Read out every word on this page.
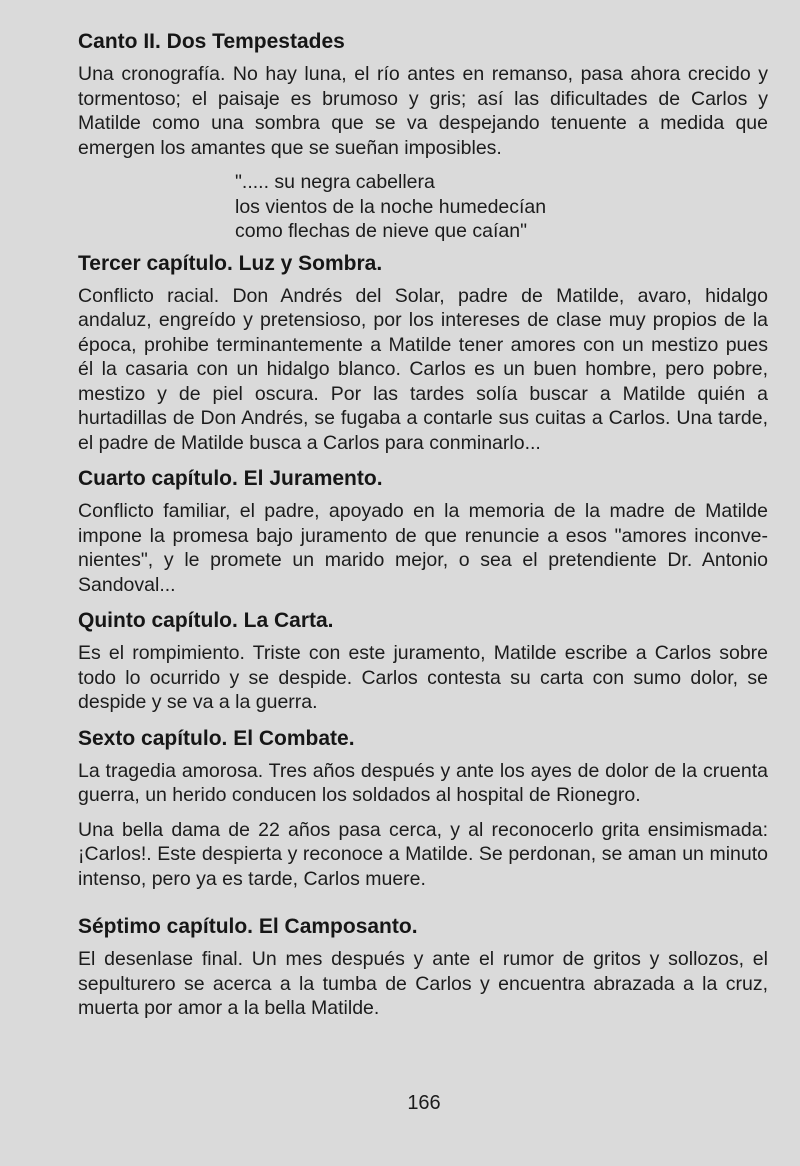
Canto II. Dos Tempestades

Una cronografía. No hay luna, el río antes en remanso, pasa ahora crecido y tormentoso; el paisaje es brumoso y gris; así las dificultades de Carlos y Matilde como una sombra que se va despejando tenuente a medida que emergen los amantes que se sueñan imposibles.

"..... su negra cabellera
los vientos de la noche humedecían
como flechas de nieve que caían"
Tercer capítulo. Luz y Sombra.

Conflicto racial. Don Andrés del Solar, padre de Matilde, avaro, hidalgo andaluz, engreído y pretensioso, por los intereses de clase muy propios de la época, prohibe terminantemente a Matilde tener amores con un mestizo pues él la casaria con un hidalgo blanco. Carlos es un buen hombre, pero pobre, mestizo y de piel oscura. Por las tardes solía buscar a Matilde quién a hurtadillas de Don Andrés, se fugaba a contarle sus cuitas a Carlos. Una tarde, el padre de Matilde busca a Carlos para conminarlo...

Cuarto capítulo. El Juramento.

Conflicto familiar, el padre, apoyado en la memoria de la madre de Matilde impone la promesa bajo juramento de que renuncie a esos "amores inconvenientes", y le promete un marido mejor, o sea el pretendiente Dr. Antonio Sandoval...

Quinto capítulo. La Carta.

Es el rompimiento. Triste con este juramento, Matilde escribe a Carlos sobre todo lo ocurrido y se despide. Carlos contesta su carta con sumo dolor, se despide y se va a la guerra.

Sexto capítulo. El Combate.

La tragedia amorosa. Tres años después y ante los ayes de dolor de la cruenta guerra, un herido conducen los soldados al hospital de Rionegro.

Una bella dama de 22 años pasa cerca, y al reconocerlo grita ensimismada: ¡Carlos!. Este despierta y reconoce a Matilde. Se perdonan, se aman un minuto intenso, pero ya es tarde, Carlos muere.

Séptimo capítulo. El Camposanto.

El desenlase final. Un mes después y ante el rumor de gritos y sollozos, el sepulturero se acerca a la tumba de Carlos y encuentra abrazada a la cruz, muerta por amor a la bella Matilde.

166
